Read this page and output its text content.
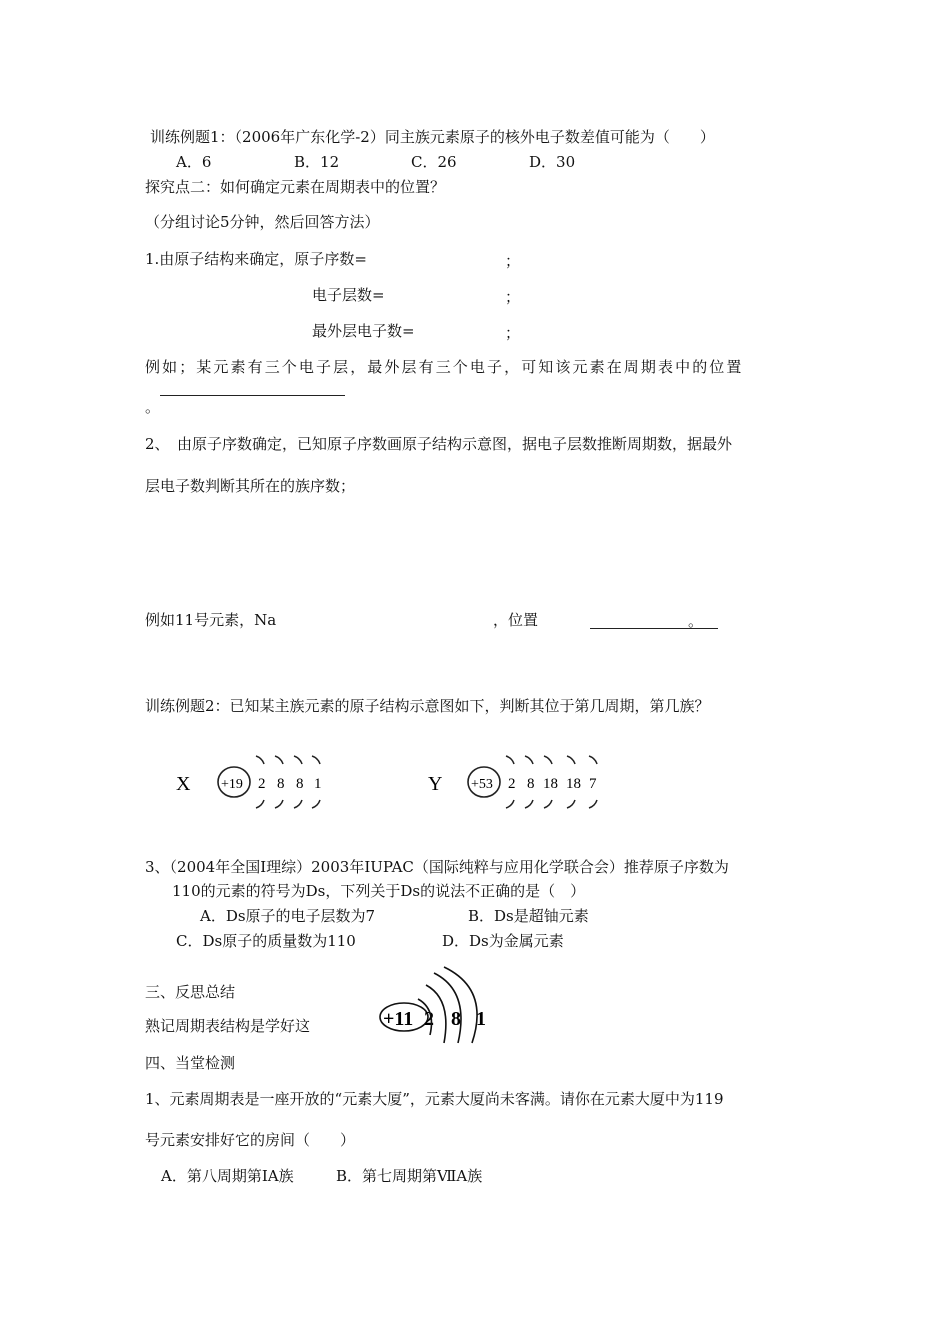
训练例题1：（2006年广东化学-2）同主族元素原子的核外电子数差值可能为（　　）
A．6	B．12	C．26	D．30
探究点二：如何确定元素在周期表中的位置？
（分组讨论5分钟，然后回答方法）
1.由原子结构来确定，原子序数=	；
电子层数=	；
最外层电子数=	；
例如；某元素有三个电子层，最外层有三个电子，可知该元素在周期表中的位置
。
2、　由原子序数确定，已知原子序数画原子结构示意图，据电子层数推断周期数，据最外
层电子数判断其所在的族序数；
例如11号元素，Na	，位置	。
训练例题2：已知某主族元素的原子结构示意图如下，判断其位于第几周期，第几族？
X +19 2 8 8 1	Y +53 2 8 18 18 7
3、（2004年全国Ⅰ理综）2003年IUPAC（国际纯粹与应用化学联合会）推荐原子序数为
110的元素的符号为Ds，下列关于Ds的说法不正确的是（　）
A．Ds原子的电子层数为7	B．Ds是超铀元素
C．Ds原子的质量数为110	D．Ds为金属元素
三、反思总结
熟记周期表结构是学好这	+11 2 8 1
四、当堂检测
1、元素周期表是一座开放的“元素大厦”，元素大厦尚未客满。请你在元素大厦中为119
号元素安排好它的房间（　　）
A．第八周期第ⅠA族	B．第七周期第ⅦA族
